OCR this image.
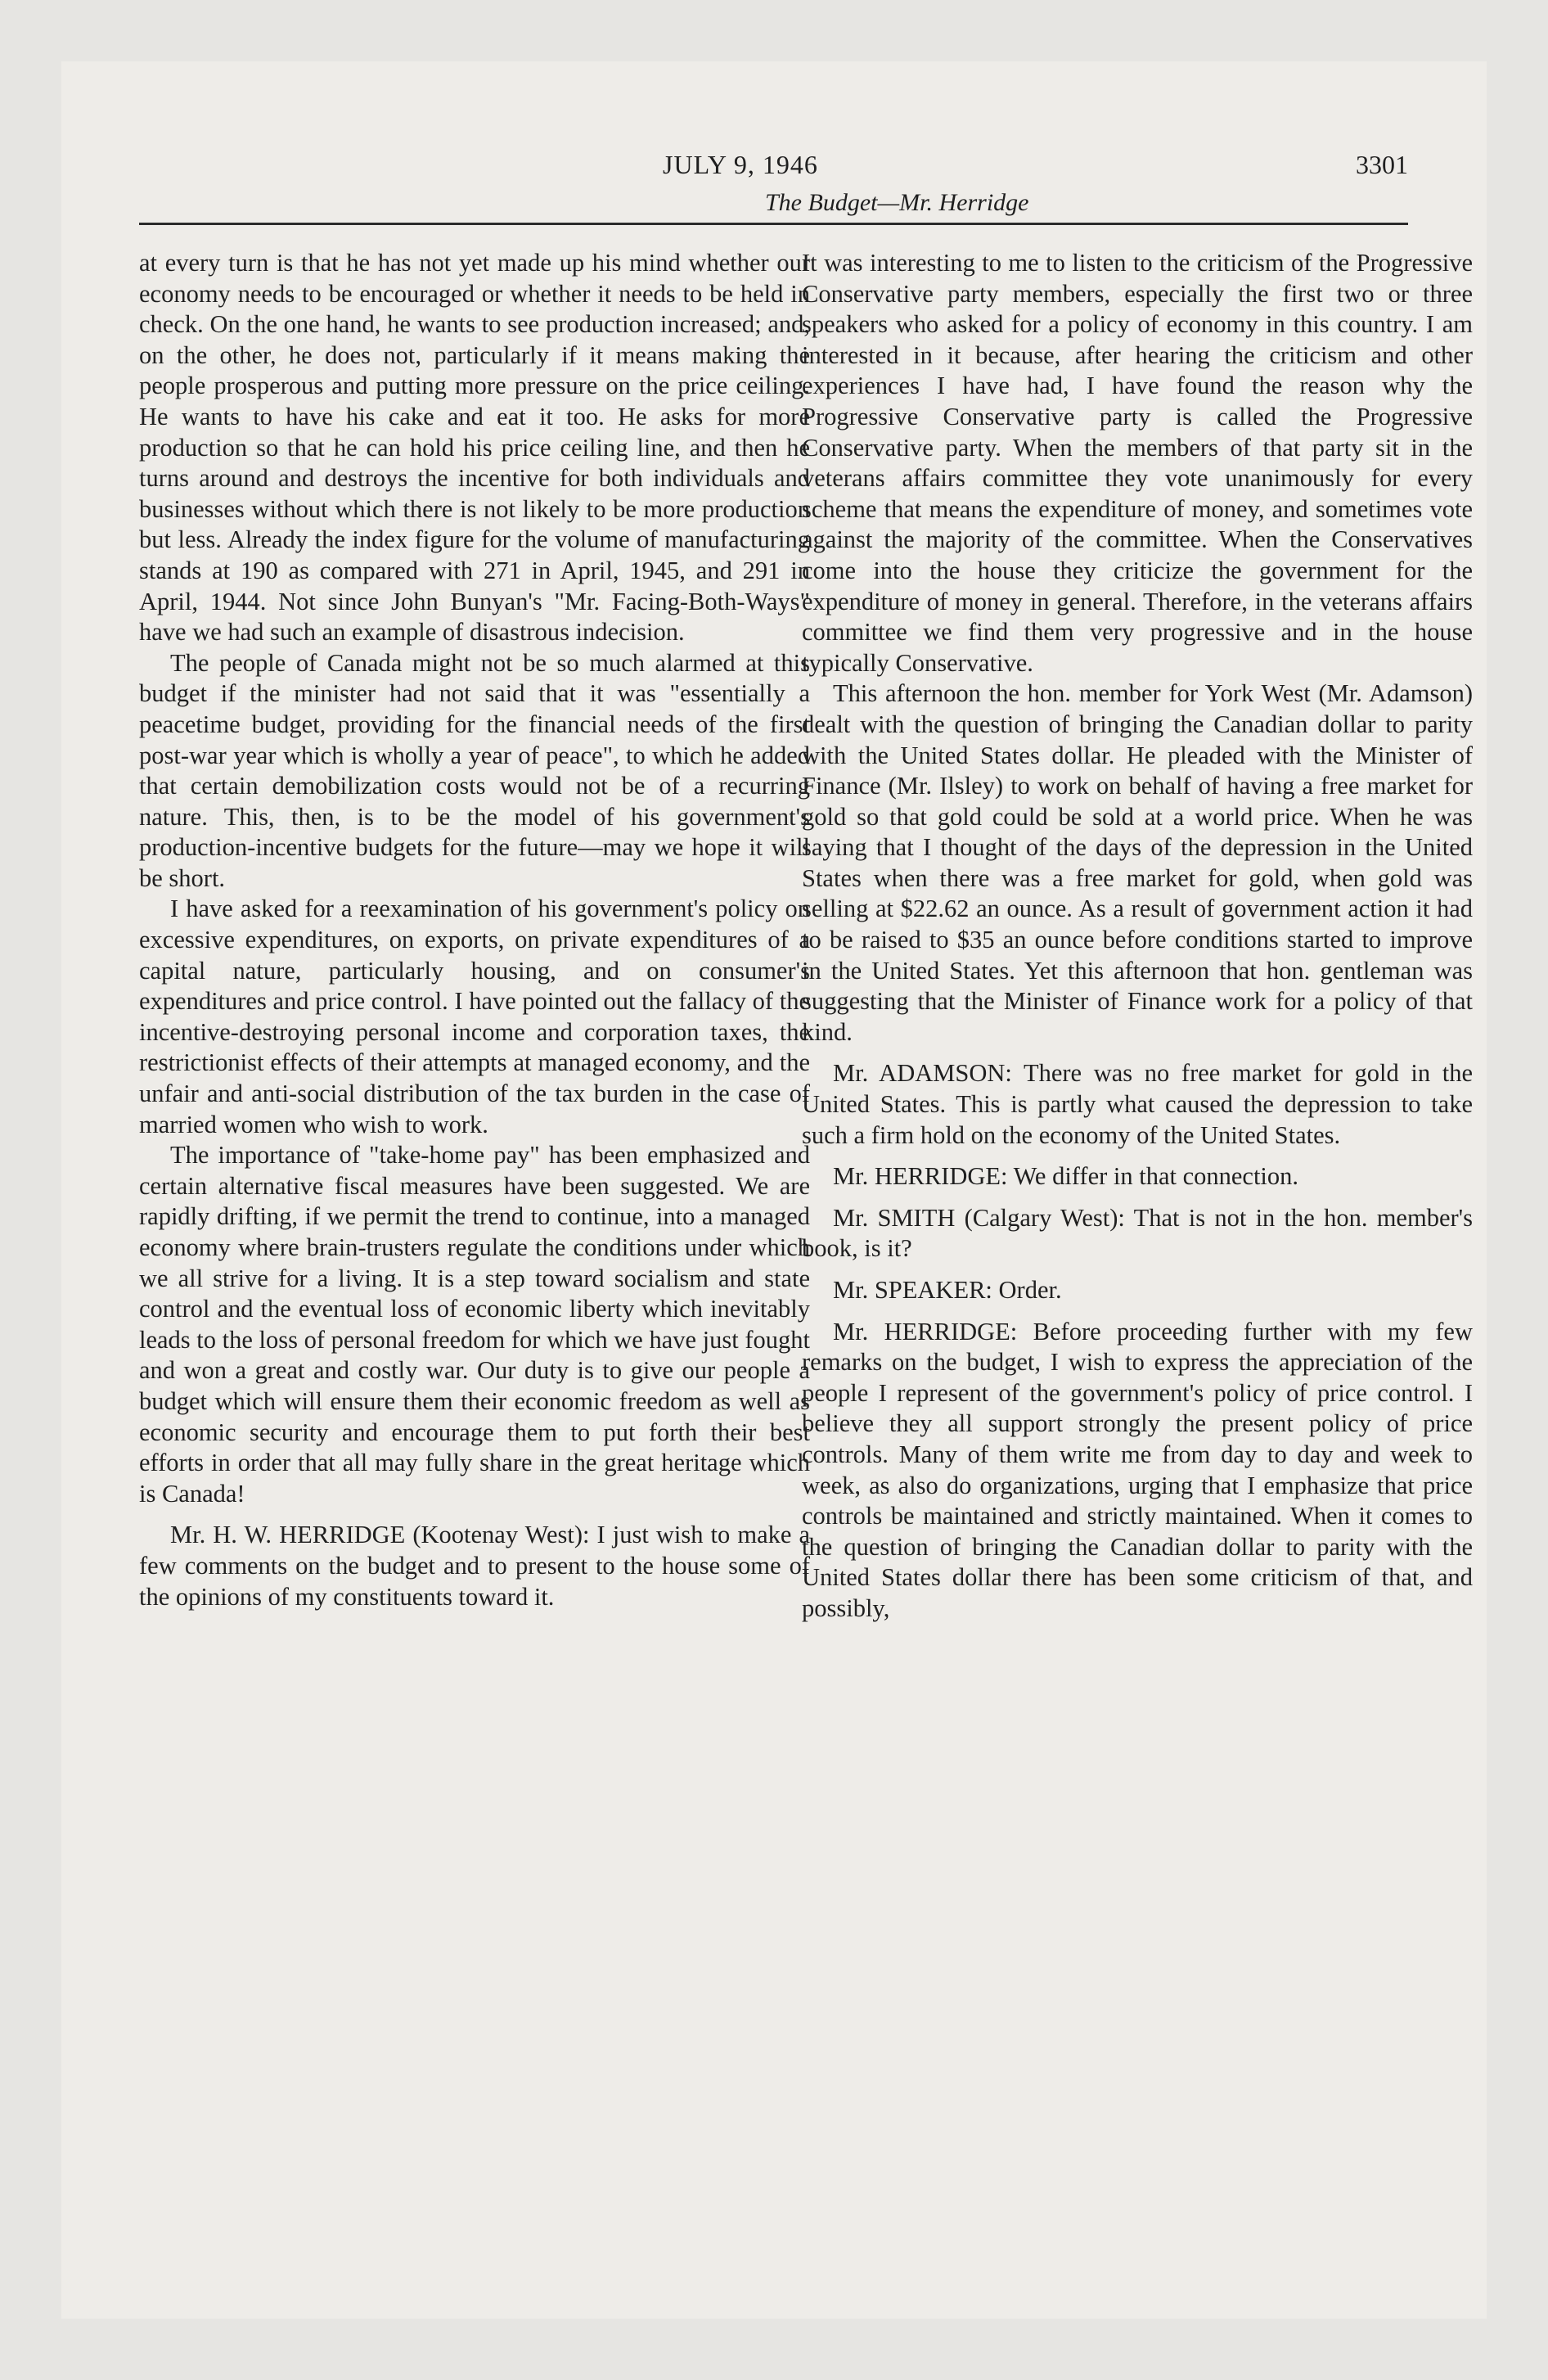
JULY 9, 1946	3301
The Budget—Mr. Herridge

at every turn is that he has not yet made up his mind whether our economy needs to be encouraged or whether it needs to be held in check. On the one hand, he wants to see production increased; and, on the other, he does not, particularly if it means making the people prosperous and putting more pressure on the price ceiling. He wants to have his cake and eat it too. He asks for more production so that he can hold his price ceiling line, and then he turns around and destroys the incentive for both individuals and businesses without which there is not likely to be more production but less. Already the index figure for the volume of manufacturing stands at 190 as compared with 271 in April, 1945, and 291 in April, 1944. Not since John Bunyan's "Mr. Facing-Both-Ways" have we had such an example of disastrous indecision.

The people of Canada might not be so much alarmed at this budget if the minister had not said that it was "essentially a peacetime budget, providing for the financial needs of the first post-war year which is wholly a year of peace", to which he added that certain demobilization costs would not be of a recurring nature. This, then, is to be the model of his government's production-incentive budgets for the future—may we hope it will be short.

I have asked for a reexamination of his government's policy on excessive expenditures, on exports, on private expenditures of a capital nature, particularly housing, and on consumer's expenditures and price control. I have pointed out the fallacy of the incentive-destroying personal income and corporation taxes, the restrictionist effects of their attempts at managed economy, and the unfair and anti-social distribution of the tax burden in the case of married women who wish to work.

The importance of "take-home pay" has been emphasized and certain alternative fiscal measures have been suggested. We are rapidly drifting, if we permit the trend to continue, into a managed economy where brain-trusters regulate the conditions under which we all strive for a living. It is a step toward socialism and state control and the eventual loss of economic liberty which inevitably leads to the loss of personal freedom for which we have just fought and won a great and costly war. Our duty is to give our people a budget which will ensure them their economic freedom as well as economic security and encourage them to put forth their best efforts in order that all may fully share in the great heritage which is Canada!

Mr. H. W. HERRIDGE (Kootenay West): I just wish to make a few comments on the budget and to present to the house some of the opinions of my constituents toward it.

It was interesting to me to listen to the criticism of the Progressive Conservative party members, especially the first two or three speakers who asked for a policy of economy in this country. I am interested in it because, after hearing the criticism and other experiences I have had, I have found the reason why the Progressive Conservative party is called the Progressive Conservative party. When the members of that party sit in the veterans affairs committee they vote unanimously for every scheme that means the expenditure of money, and sometimes vote against the majority of the committee. When the Conservatives come into the house they criticize the government for the expenditure of money in general. Therefore, in the veterans affairs committee we find them very progressive and in the house typically Conservative.

This afternoon the hon. member for York West (Mr. Adamson) dealt with the question of bringing the Canadian dollar to parity with the United States dollar. He pleaded with the Minister of Finance (Mr. Ilsley) to work on behalf of having a free market for gold so that gold could be sold at a world price. When he was saying that I thought of the days of the depression in the United States when there was a free market for gold, when gold was selling at $22.62 an ounce. As a result of government action it had to be raised to $35 an ounce before conditions started to improve in the United States. Yet this afternoon that hon. gentleman was suggesting that the Minister of Finance work for a policy of that kind.

Mr. ADAMSON: There was no free market for gold in the United States. This is partly what caused the depression to take such a firm hold on the economy of the United States.

Mr. HERRIDGE: We differ in that connection.

Mr. SMITH (Calgary West): That is not in the hon. member's book, is it?

Mr. SPEAKER: Order.

Mr. HERRIDGE: Before proceeding further with my few remarks on the budget, I wish to express the appreciation of the people I represent of the government's policy of price control. I believe they all support strongly the present policy of price controls. Many of them write me from day to day and week to week, as also do organizations, urging that I emphasize that price controls be maintained and strictly maintained. When it comes to the question of bringing the Canadian dollar to parity with the United States dollar there has been some criticism of that, and possibly,
